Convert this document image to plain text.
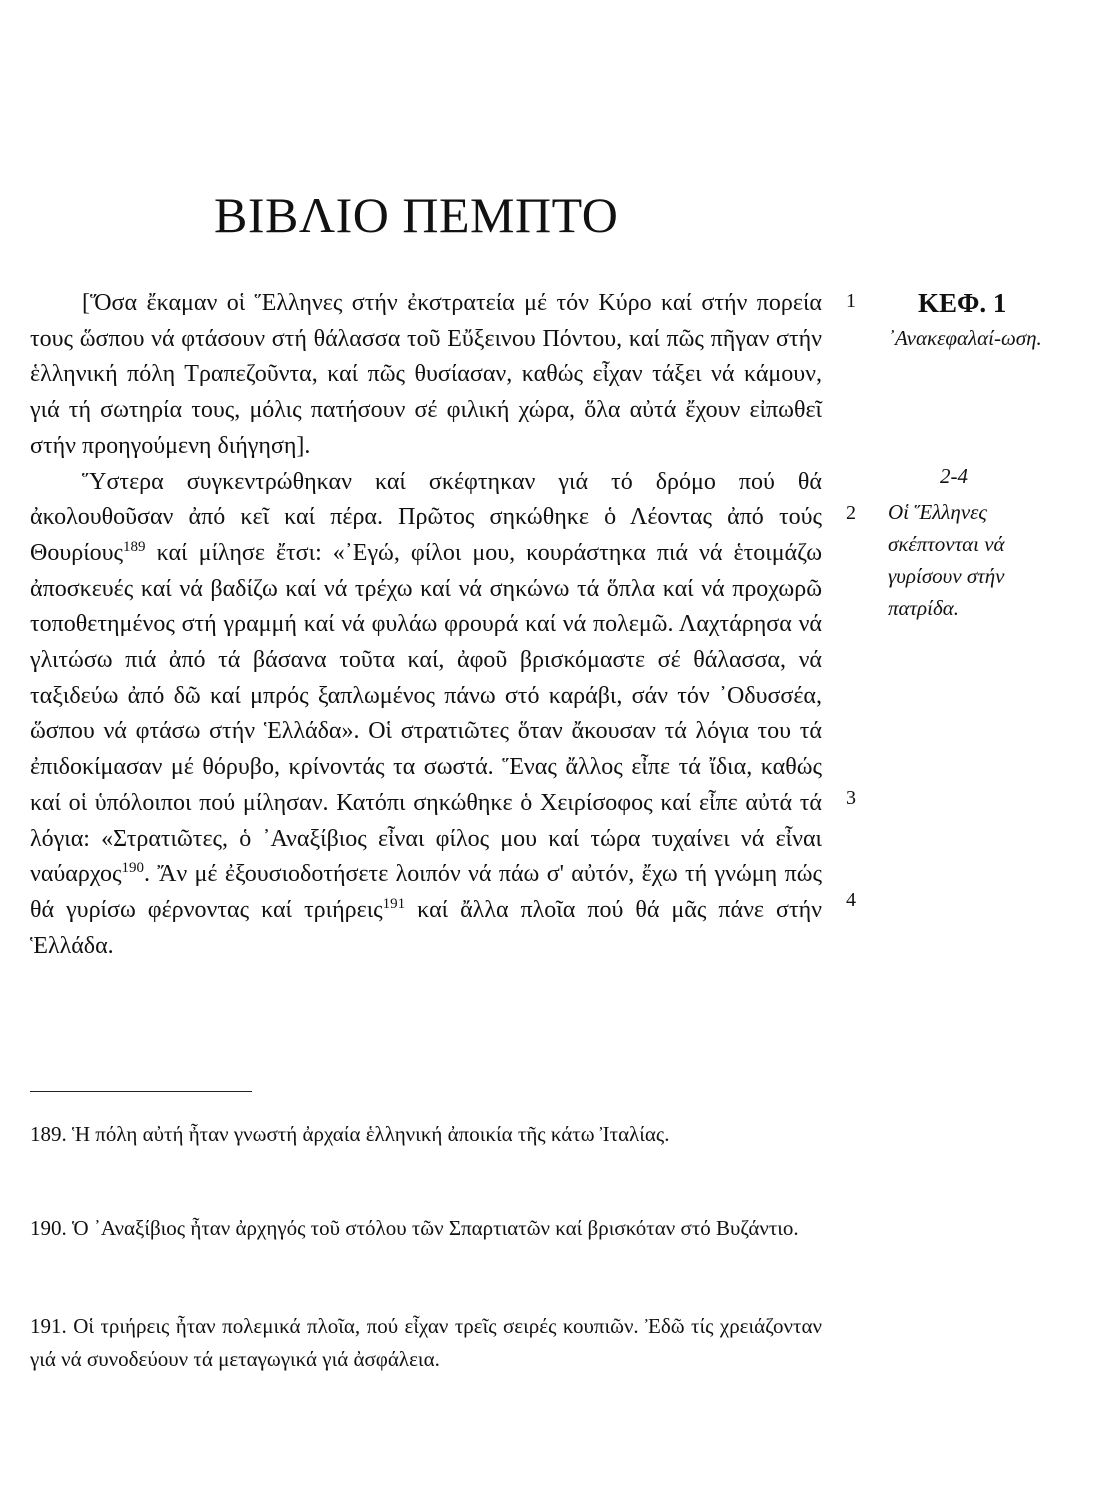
ΒΙΒΛΙΟ ΠΕΜΠΤΟ

[Ὅσα ἔκαμαν οἱ Ἕλληνες στήν ἐκστρατεία μέ τόν Κύρο καί στήν πορεία τους ὥσπου νά φτάσουν στή θάλασσα τοῦ Εὔξεινου Πόντου, καί πῶς πῆγαν στήν ἑλληνική πόλη Τραπεζοῦντα, καί πῶς θυσίασαν, καθώς εἶχαν τάξει νά κάμουν, γιά τή σωτηρία τους, μόλις πατήσουν σέ φιλική χώρα, ὅλα αὐτά ἔχουν εἰπωθεῖ στήν προηγούμενη διήγηση].

Ὕστερα συγκεντρώθηκαν καί σκέφτηκαν γιά τό δρόμο πού θά ἀκολουθοῦσαν ἀπό κεῖ καί πέρα. Πρῶτος σηκώθηκε ὁ Λέοντας ἀπό τούς Θουρίους$^{189}$ καί μίλησε ἔτσι: «᾿Εγώ, φίλοι μου, κουράστηκα πιά νά ἑτοιμάζω ἀποσκευές καί νά βαδίζω καί νά τρέχω καί νά σηκώνω τά ὅπλα καί νά προχωρῶ τοποθετημένος στή γραμμή καί νά φυλάω φρουρά καί νά πολεμῶ. Λαχτάρησα νά γλιτώσω πιά ἀπό τά βάσανα τοῦτα καί, ἀφοῦ βρισκόμαστε σέ θάλασσα, νά ταξιδεύω ἀπό δῶ καί μπρός ξαπλωμένος πάνω στό καράβι, σάν τόν ᾿Οδυσσέα, ὥσπου νά φτάσω στήν Ἑλλάδα». Οἱ στρατιῶτες ὅταν ἄκουσαν τά λόγια του τά ἐπιδοκίμασαν μέ θόρυβο, κρίνοντάς τα σωστά. Ἕνας ἄλλος εἶπε τά ἴδια, καθώς καί οἱ ὑπόλοιποι πού μίλησαν. Κατόπι σηκώθηκε ὁ Χειρίσοφος καί εἶπε αὐτά τά λόγια: «Στρατιῶτες, ὁ ᾿Αναξίβιος εἶναι φίλος μου καί τώρα τυχαίνει νά εἶναι ναύαρχος$^{190}$. Ἄν μέ ἐξουσιοδοτήσετε λοιπόν νά πάω σ' αὐτόν, ἔχω τή γνώμη πώς θά γυρίσω φέρνοντας καί τριήρεις$^{191}$ καί ἄλλα πλοῖα πού θά μᾶς πάνε στήν Ἑλλάδα.

1
2
3
4
ΚΕΦ. 1
᾿Ανακεφαλαί-ωση.
2-4
Οἱ Ἕλληνες σκέπτονται νά γυρίσουν στήν πατρίδα.

189. Ἡ πόλη αὐτή ἦταν γνωστή ἀρχαία ἑλληνική ἀποικία τῆς κάτω Ἰταλίας.

190. Ὁ ᾿Αναξίβιος ἦταν ἀρχηγός τοῦ στόλου τῶν Σπαρτιατῶν καί βρισκόταν στό Βυζάντιο.

191. Οἱ τριήρεις ἦταν πολεμικά πλοῖα, πού εἶχαν τρεῖς σειρές κουπιῶν. Ἐδῶ τίς χρειάζονταν γιά νά συνοδεύουν τά μεταγωγικά γιά ἀσφάλεια.
